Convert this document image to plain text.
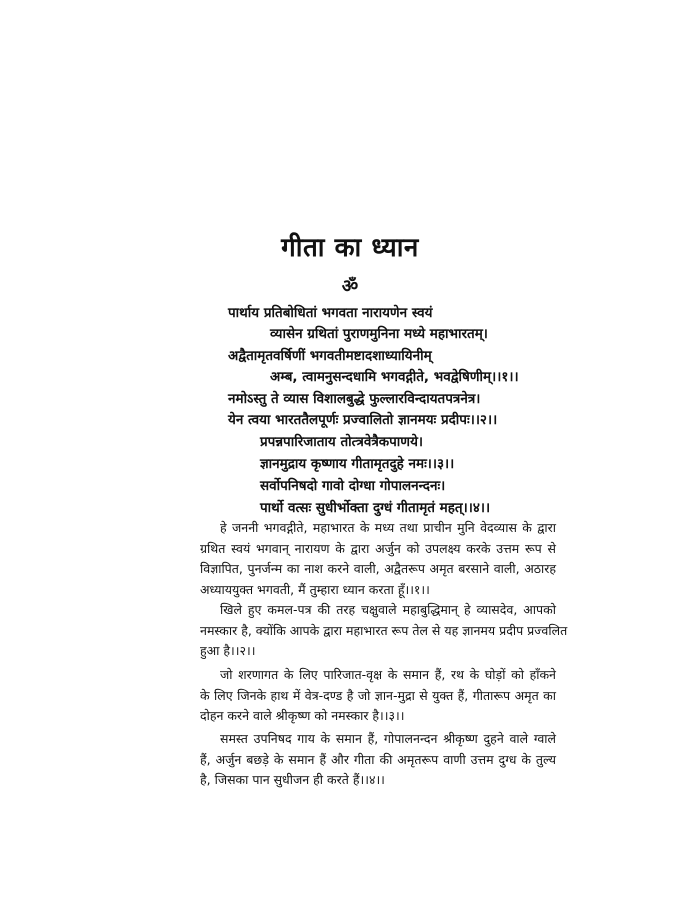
गीता का ध्यान
ॐ
पार्थाय प्रतिबोधितां भगवता नारायणेन स्वयं
व्यासेन ग्रथितां पुराणमुनिना मध्ये महाभारतम्।
अद्वैतामृतवर्षिणीं भगवतीमष्टादशाध्यायिनीम्
अम्ब, त्वामनुसन्दधामि भगवद्गीते, भवद्वेषिणीम्।।१।।
नमोऽस्तु ते व्यास विशालबुद्धे फुल्लारविन्दायतपत्रनेत्र।
येन त्वया भारततैलपूर्णः प्रज्वालितो ज्ञानमयः प्रदीपः।।२।।
प्रपन्नपारिजाताय तोत्त्रवेत्रैकपाणये।
ज्ञानमुद्राय कृष्णाय गीतामृतदुहे नमः।।३।।
सर्वोपनिषदो गावो दोग्धा गोपालनन्दनः।
पार्थो वत्सः सुधीर्भोक्ता दुग्धं गीतामृतं महत्।।४।।
हे जननी भगवद्गीते, महाभारत के मध्य तथा प्राचीन मुनि वेदव्यास के द्वारा
ग्रथित स्वयं भगवान् नारायण के द्वारा अर्जुन को उपलक्ष्य करके उत्तम रूप से
विज्ञापित, पुनर्जन्म का नाश करने वाली, अद्वैतरूप अमृत बरसाने वाली, अठारह
अध्याययुक्त भगवती, मैं तुम्हारा ध्यान करता हूँ।।१।।
खिले हुए कमल-पत्र की तरह चक्षुवाले महाबुद्धिमान् हे व्यासदेव, आपको
नमस्कार है, क्योंकि आपके द्वारा महाभारत रूप तेल से यह ज्ञानमय प्रदीप प्रज्वलित
हुआ है।।२।।
जो शरणागत के लिए पारिजात-वृक्ष के समान हैं, रथ के घोड़ों को हाँकने
के लिए जिनके हाथ में वेत्र-दण्ड है जो ज्ञान-मुद्रा से युक्त हैं, गीतारूप अमृत का
दोहन करने वाले श्रीकृष्ण को नमस्कार है।।३।।
समस्त उपनिषद गाय के समान हैं, गोपालनन्दन श्रीकृष्ण दुहने वाले ग्वाले
हैं, अर्जुन बछड़े के समान हैं और गीता की अमृतरूप वाणी उत्तम दुग्ध के तुल्य
है, जिसका पान सुधीजन ही करते हैं।।४।।
